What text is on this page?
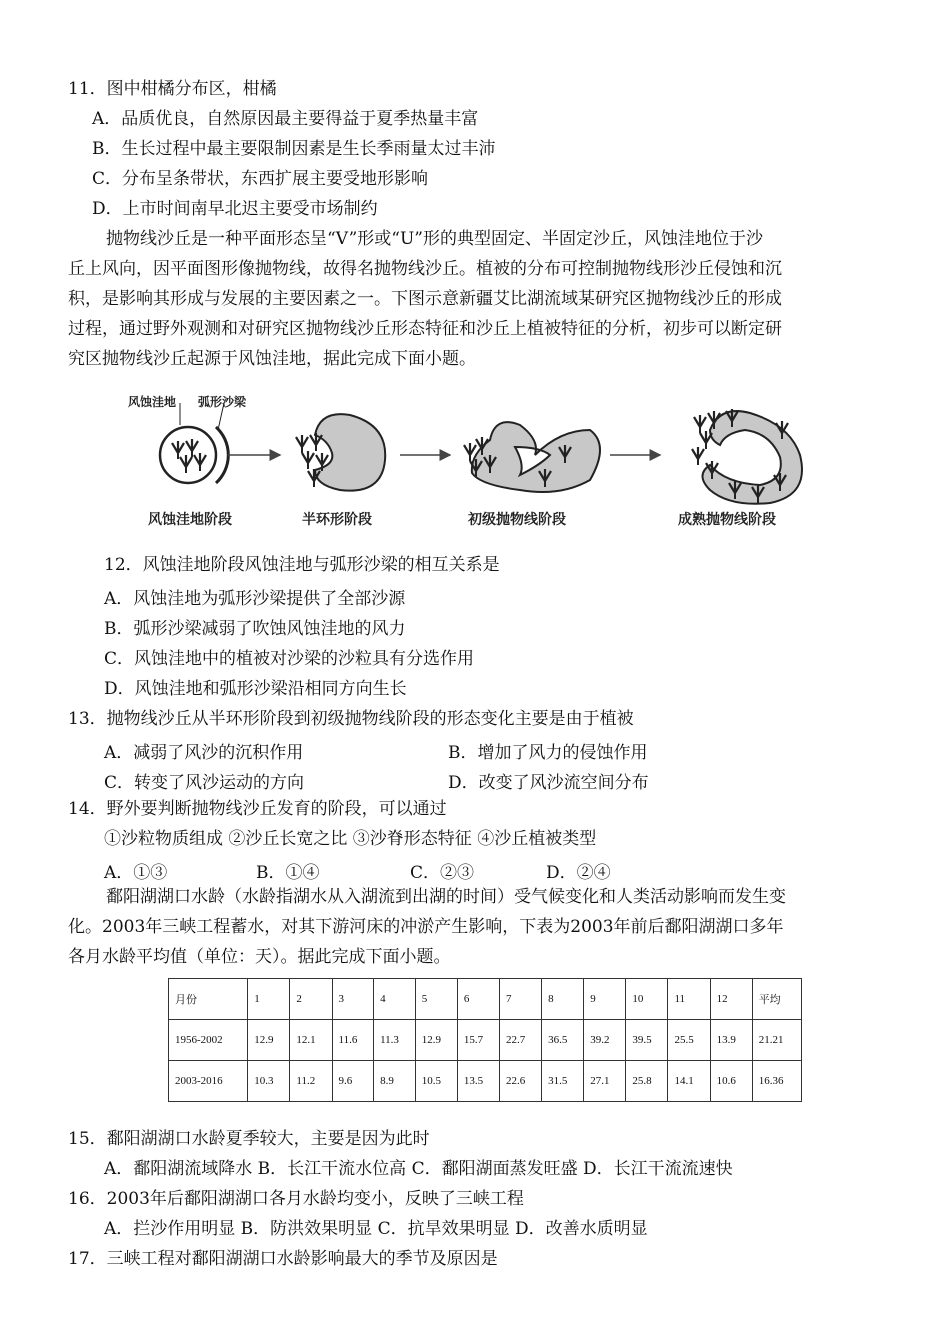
11．图中柑橘分布区，柑橘
A．品质优良，自然原因最主要得益于夏季热量丰富
B．生长过程中最主要限制因素是生长季雨量太过丰沛
C．分布呈条带状，东西扩展主要受地形影响
D．上市时间南早北迟主要受市场制约

抛物线沙丘是一种平面形态呈“V”形或“U”形的典型固定、半固定沙丘，风蚀洼地位于沙

丘上风向，因平面图形像抛物线，故得名抛物线沙丘。植被的分布可控制抛物线形沙丘侵蚀和沉

积，是影响其形成与发展的主要因素之一。下图示意新疆艾比湖流域某研究区抛物线沙丘的形成

过程，通过野外观测和对研究区抛物线沙丘形态特征和沙丘上植被特征的分析，初步可以断定研

究区抛物线沙丘起源于风蚀洼地，据此完成下面小题。

风蚀洼地 弧形沙梁
风蚀洼地阶段	半环形阶段	初级抛物线阶段	成熟抛物线阶段
12．风蚀洼地阶段风蚀洼地与弧形沙梁的相互关系是
A．风蚀洼地为弧形沙梁提供了全部沙源
B．弧形沙梁减弱了吹蚀风蚀洼地的风力
C．风蚀洼地中的植被对沙梁的沙粒具有分选作用
D．风蚀洼地和弧形沙梁沿相同方向生长
13．抛物线沙丘从半环形阶段到初级抛物线阶段的形态变化主要是由于植被
A．减弱了风沙的沉积作用	B．增加了风力的侵蚀作用
C．转变了风沙运动的方向	D．改变了风沙流空间分布
14．野外要判断抛物线沙丘发育的阶段，可以通过
①沙粒物质组成 ②沙丘长宽之比 ③沙脊形态特征 ④沙丘植被类型
A．①③	B．①④	C．②③	D．②④

鄱阳湖湖口水龄（水龄指湖水从入湖流到出湖的时间）受气候变化和人类活动影响而发生变

化。2003年三峡工程蓄水，对其下游河床的冲淤产生影响，下表为2003年前后鄱阳湖湖口多年

各月水龄平均值（单位：天）。据此完成下面小题。

月份	1	2	3	4	5	6	7	8	9	10	11	12	平均
1956-2002	12.9	12.1	11.6	11.3	12.9	15.7	22.7	36.5	39.2	39.5	25.5	13.9	21.21
2003-2016	10.3	11.2	9.6	8.9	10.5	13.5	22.6	31.5	27.1	25.8	14.1	10.6	16.36
15．鄱阳湖湖口水龄夏季较大，主要是因为此时
A．鄱阳湖流域降水 B．长江干流水位高 C．鄱阳湖面蒸发旺盛 D．长江干流流速快
16．2003年后鄱阳湖湖口各月水龄均变小，反映了三峡工程
A．拦沙作用明显 B．防洪效果明显 C．抗旱效果明显 D．改善水质明显
17．三峡工程对鄱阳湖湖口水龄影响最大的季节及原因是
